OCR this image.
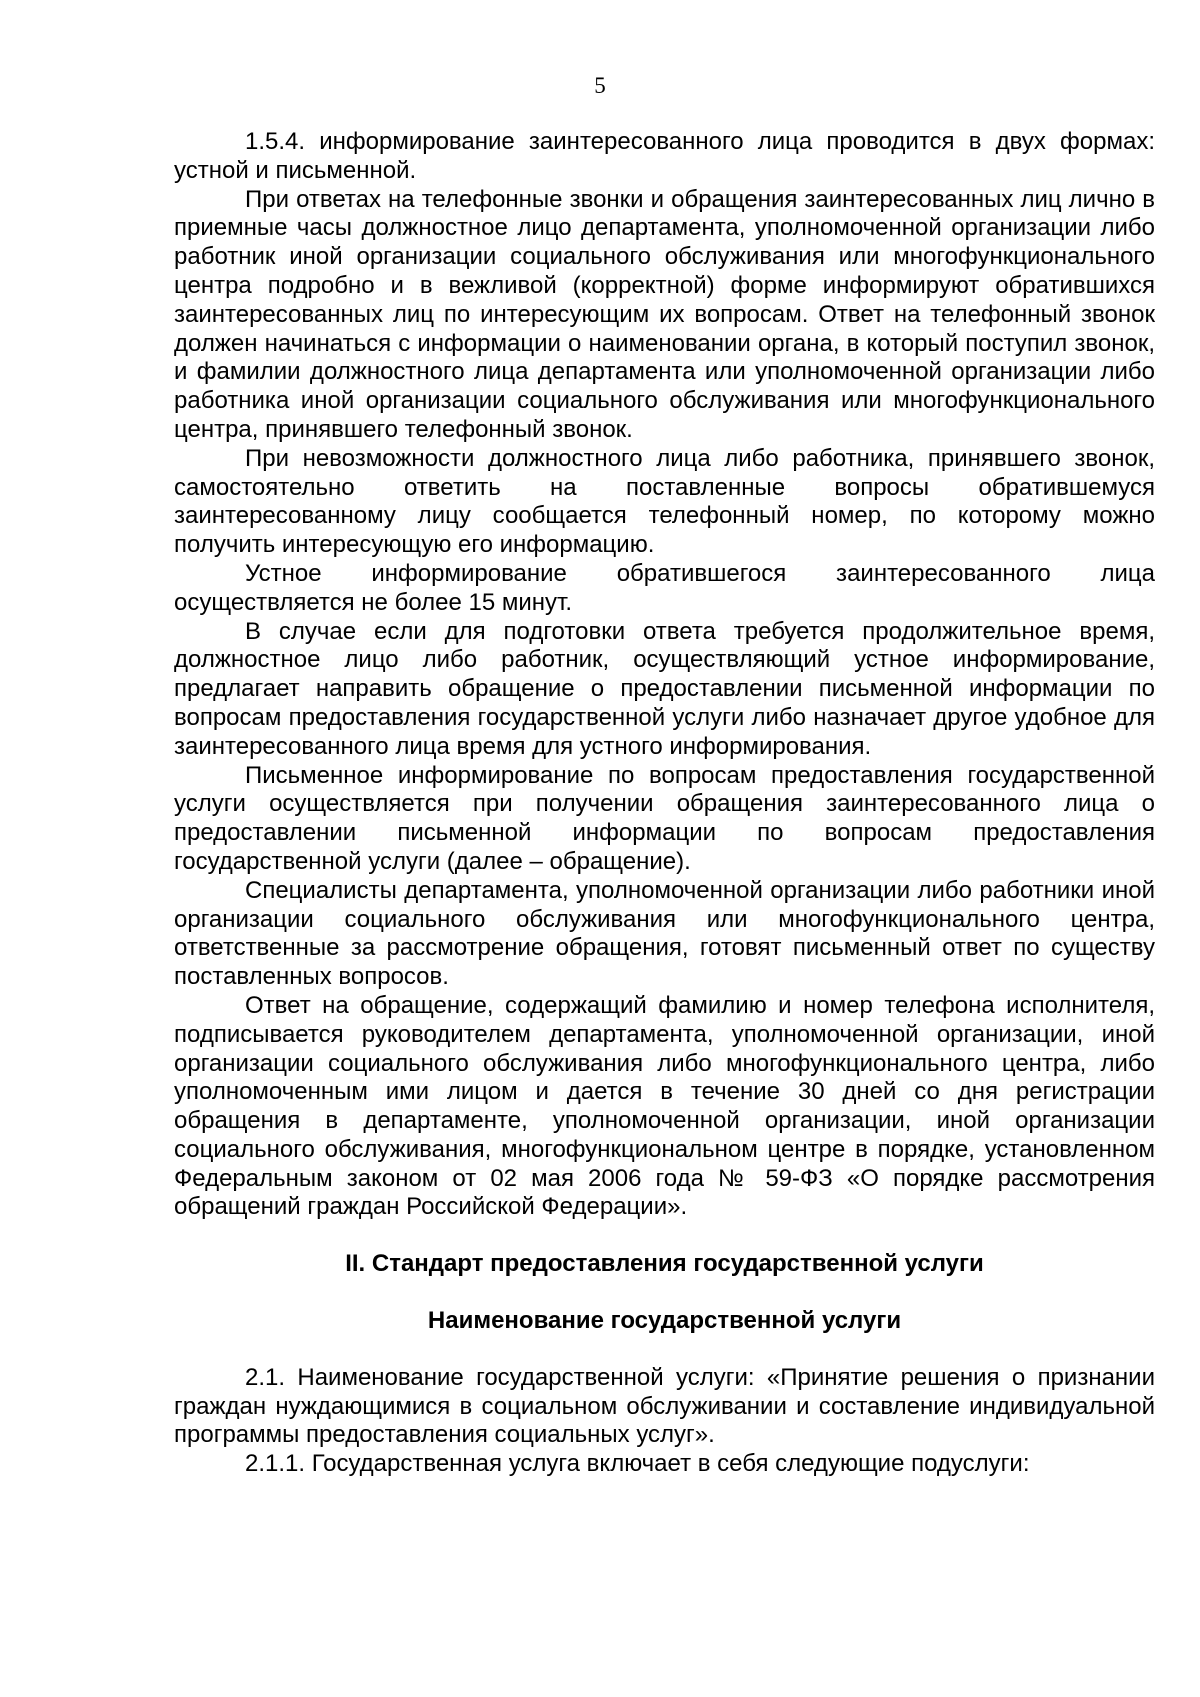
5

1.5.4. информирование заинтересованного лица проводится в двух формах: устной и письменной.

При ответах на телефонные звонки и обращения заинтересованных лиц лично в приемные часы должностное лицо департамента, уполномоченной организации либо работник иной организации социального обслуживания или многофункционального центра подробно и в вежливой (корректной) форме информируют обратившихся заинтересованных лиц по интересующим их вопросам. Ответ на телефонный звонок должен начинаться с информации о наименовании органа, в который поступил звонок, и фамилии должностного лица департамента или уполномоченной организации либо работника иной организации социального обслуживания или многофункционального центра, принявшего телефонный звонок.

При невозможности должностного лица либо работника, принявшего звонок, самостоятельно ответить на поставленные вопросы обратившемуся заинтересованному лицу сообщается телефонный номер, по которому можно получить интересующую его информацию.

Устное информирование обратившегося заинтересованного лица осуществляется не более 15 минут.

В случае если для подготовки ответа требуется продолжительное время, должностное лицо либо работник, осуществляющий устное информирование, предлагает направить обращение о предоставлении письменной информации по вопросам предоставления государственной услуги либо назначает другое удобное для заинтересованного лица время для устного информирования.

Письменное информирование по вопросам предоставления государственной услуги осуществляется при получении обращения заинтересованного лица о предоставлении письменной информации по вопросам предоставления государственной услуги (далее – обращение).

Специалисты департамента, уполномоченной организации либо работники иной организации социального обслуживания или многофункционального центра, ответственные за рассмотрение обращения, готовят письменный ответ по существу поставленных вопросов.

Ответ на обращение, содержащий фамилию и номер телефона исполнителя, подписывается руководителем департамента, уполномоченной организации, иной организации социального обслуживания либо многофункционального центра, либо уполномоченным ими лицом и дается в течение 30 дней со дня регистрации обращения в департаменте, уполномоченной организации, иной организации социального обслуживания, многофункциональном центре в порядке, установленном Федеральным законом от 02 мая 2006 года № 59-ФЗ «О порядке рассмотрения обращений граждан Российской Федерации».

II. Стандарт предоставления государственной услуги

Наименование государственной услуги

2.1. Наименование государственной услуги: «Принятие решения о признании граждан нуждающимися в социальном обслуживании и составление индивидуальной программы предоставления социальных услуг».

2.1.1. Государственная услуга включает в себя следующие подуслуги:
